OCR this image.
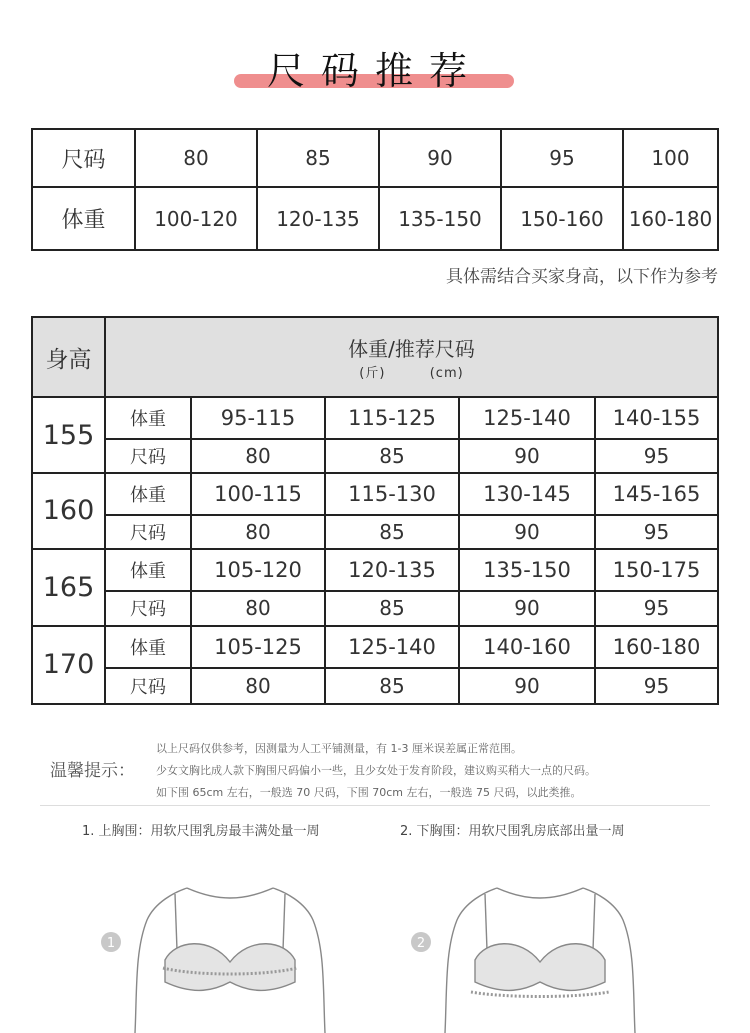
尺码推荐
尺码	80	85	90	95	100
体重	100-120	120-135	135-150	150-160	160-180
具体需结合买家身高，以下作为参考
身高	体重/推荐尺码
(斤) (cm)				

155	体重	95-115	115-125	125-140	140-155
	尺码	80	85	90	95
160	体重	100-115	115-130	130-145	145-165
	尺码	80	85	90	95
165	体重	105-120	120-135	135-150	150-175
	尺码	80	85	90	95
170	体重	105-125	125-140	140-160	160-180
	尺码	80	85	90	95
温馨提示：
以上尺码仅供参考，因测量为人工平铺测量，有 1-3 厘米误差属正常范围。
少女文胸比成人款下胸围尺码偏小一些，且少女处于发育阶段，建议购买稍大一点的尺码。
如下围 65cm 左右，一般选 70 尺码，下围 70cm 左右，一般选 75 尺码，以此类推。
1. 上胸围：用软尺围乳房最丰满处量一周	2. 下胸围：用软尺围乳房底部出量一周
1	2
